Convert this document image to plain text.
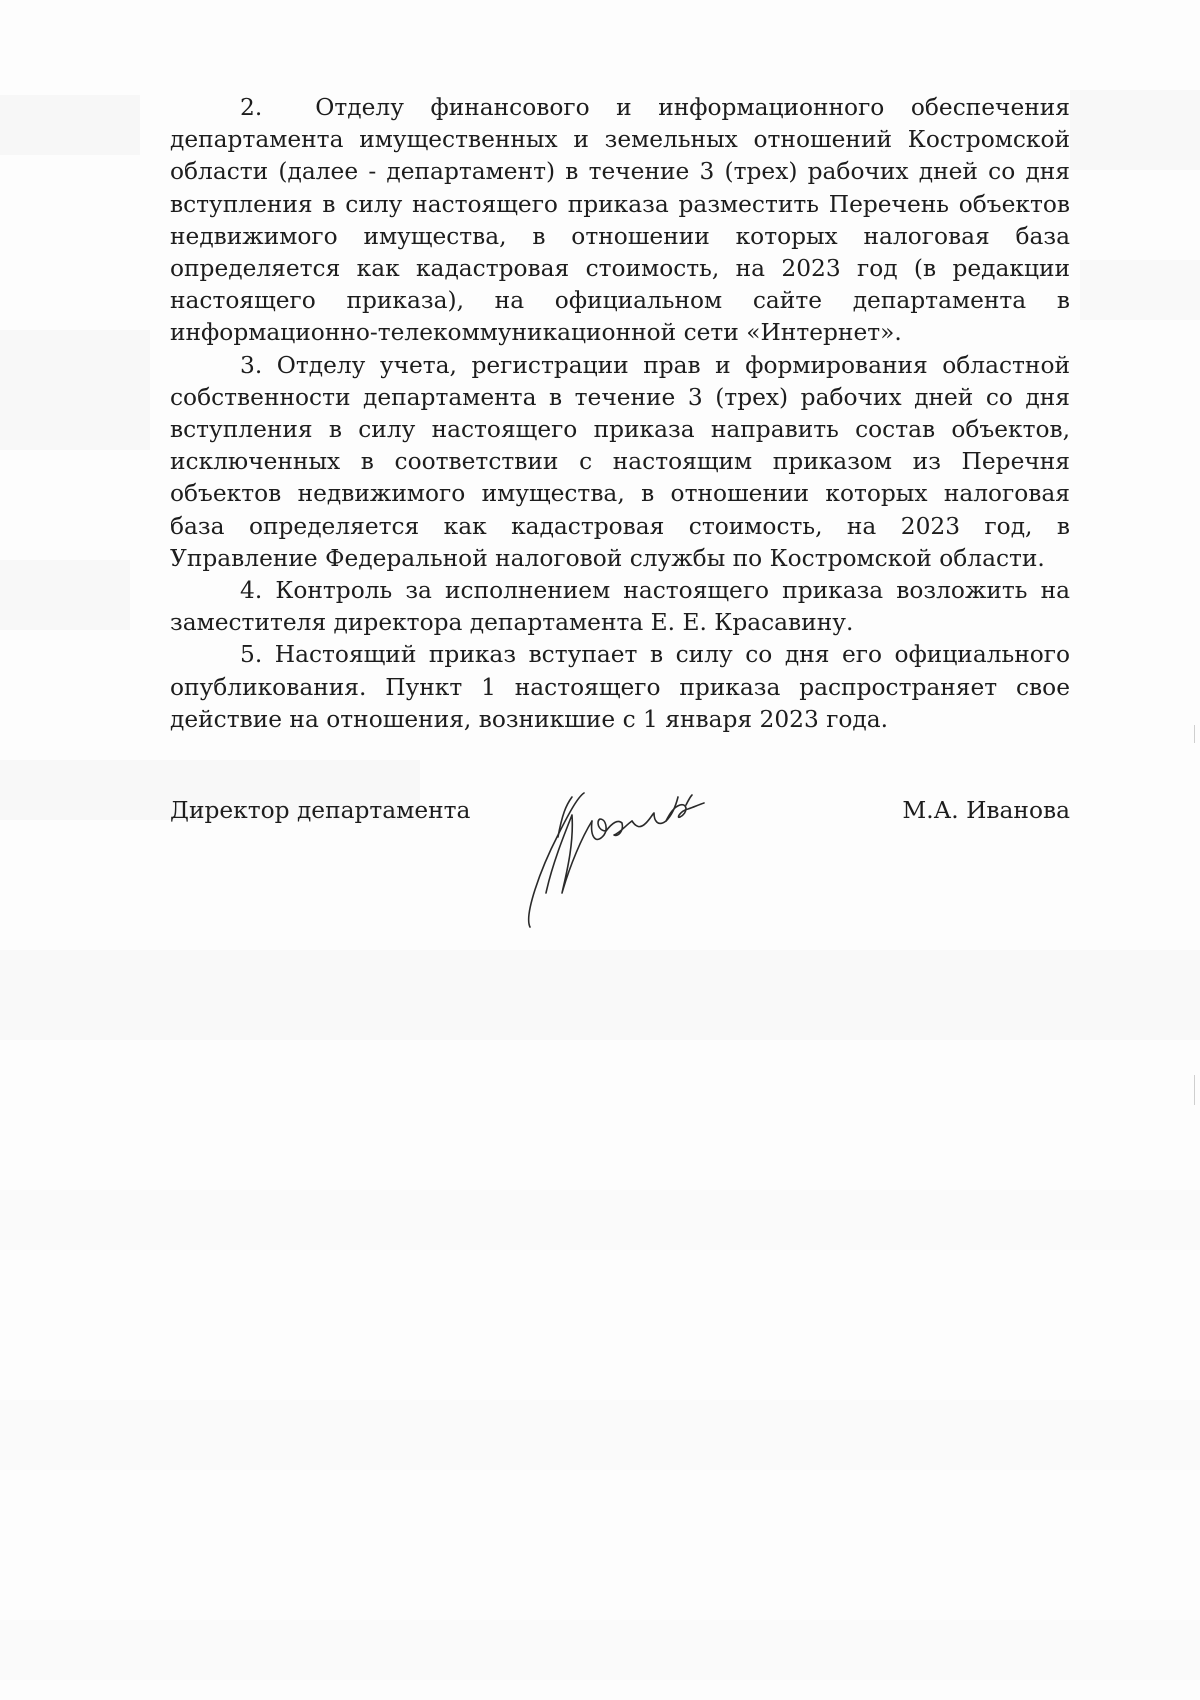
2.  Отделу финансового и информационного обеспечения департамента имущественных и земельных отношений Костромской области (далее - департамент) в течение 3 (трех) рабочих дней со дня вступления в силу настоящего приказа разместить Перечень объектов недвижимого имущества, в отношении которых налоговая база определяется как кадастровая стоимость, на 2023 год (в редакции настоящего приказа), на официальном сайте департамента в информационно-телекоммуникационной сети «Интернет».

3. Отделу учета, регистрации прав и формирования областной собственности департамента в течение 3 (трех) рабочих дней со дня вступления в силу настоящего приказа направить состав объектов, исключенных в соответствии с настоящим приказом из Перечня объектов недвижимого имущества, в отношении которых налоговая база определяется как кадастровая стоимость, на 2023 год, в Управление Федеральной налоговой службы по Костромской области.

4. Контроль за исполнением настоящего приказа возложить на заместителя директора департамента Е. Е. Красавину.

5. Настоящий приказ вступает в силу со дня его официального опубликования. Пункт 1 настоящего приказа распространяет свое действие на отношения, возникшие с 1 января 2023 года.

Директор департамента	М.А. Иванова
